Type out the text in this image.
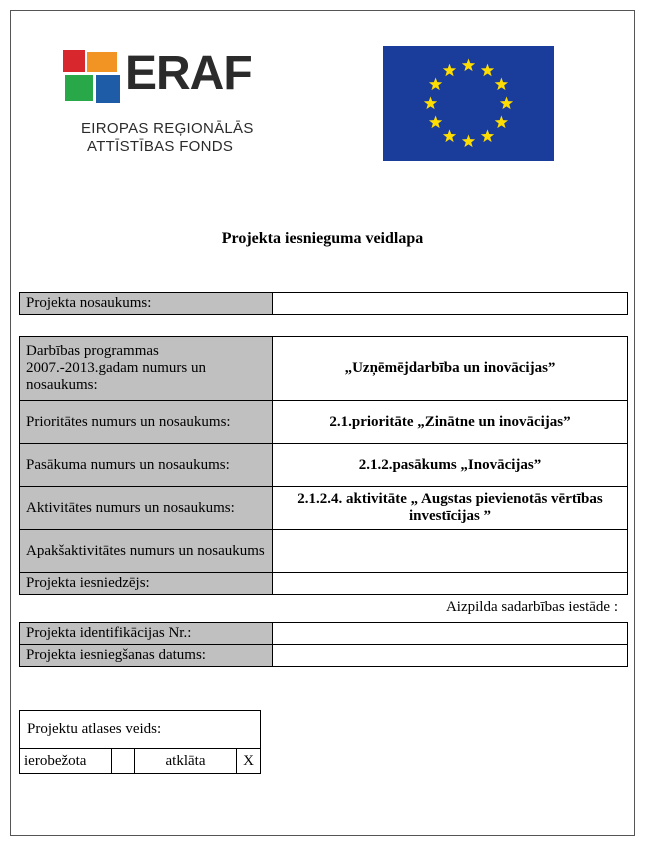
ERAF
EIROPAS REĢIONĀLĀS
ATTĪSTĪBAS FONDS
Projekta iesnieguma veidlapa
Projekta nosaukums:	
Darbības programmas 2007.-2013.gadam numurs un nosaukums:	„Uzņēmējdarbība un inovācijas”
Prioritātes numurs un nosaukums:	2.1.prioritāte „Zinātne un inovācijas”
Pasākuma numurs un nosaukums:	2.1.2.pasākums „Inovācijas”
Aktivitātes numurs un nosaukums:	2.1.2.4. aktivitāte „ Augstas pievienotās vērtības investīcijas ”
Apakšaktivitātes numurs un nosaukums	
Projekta iesniedzējs:	
Aizpilda sadarbības iestāde :
Projekta identifikācijas Nr.:	
Projekta iesniegšanas datums:	
Projektu atlases veids:
ierobežota		atklāta	X
